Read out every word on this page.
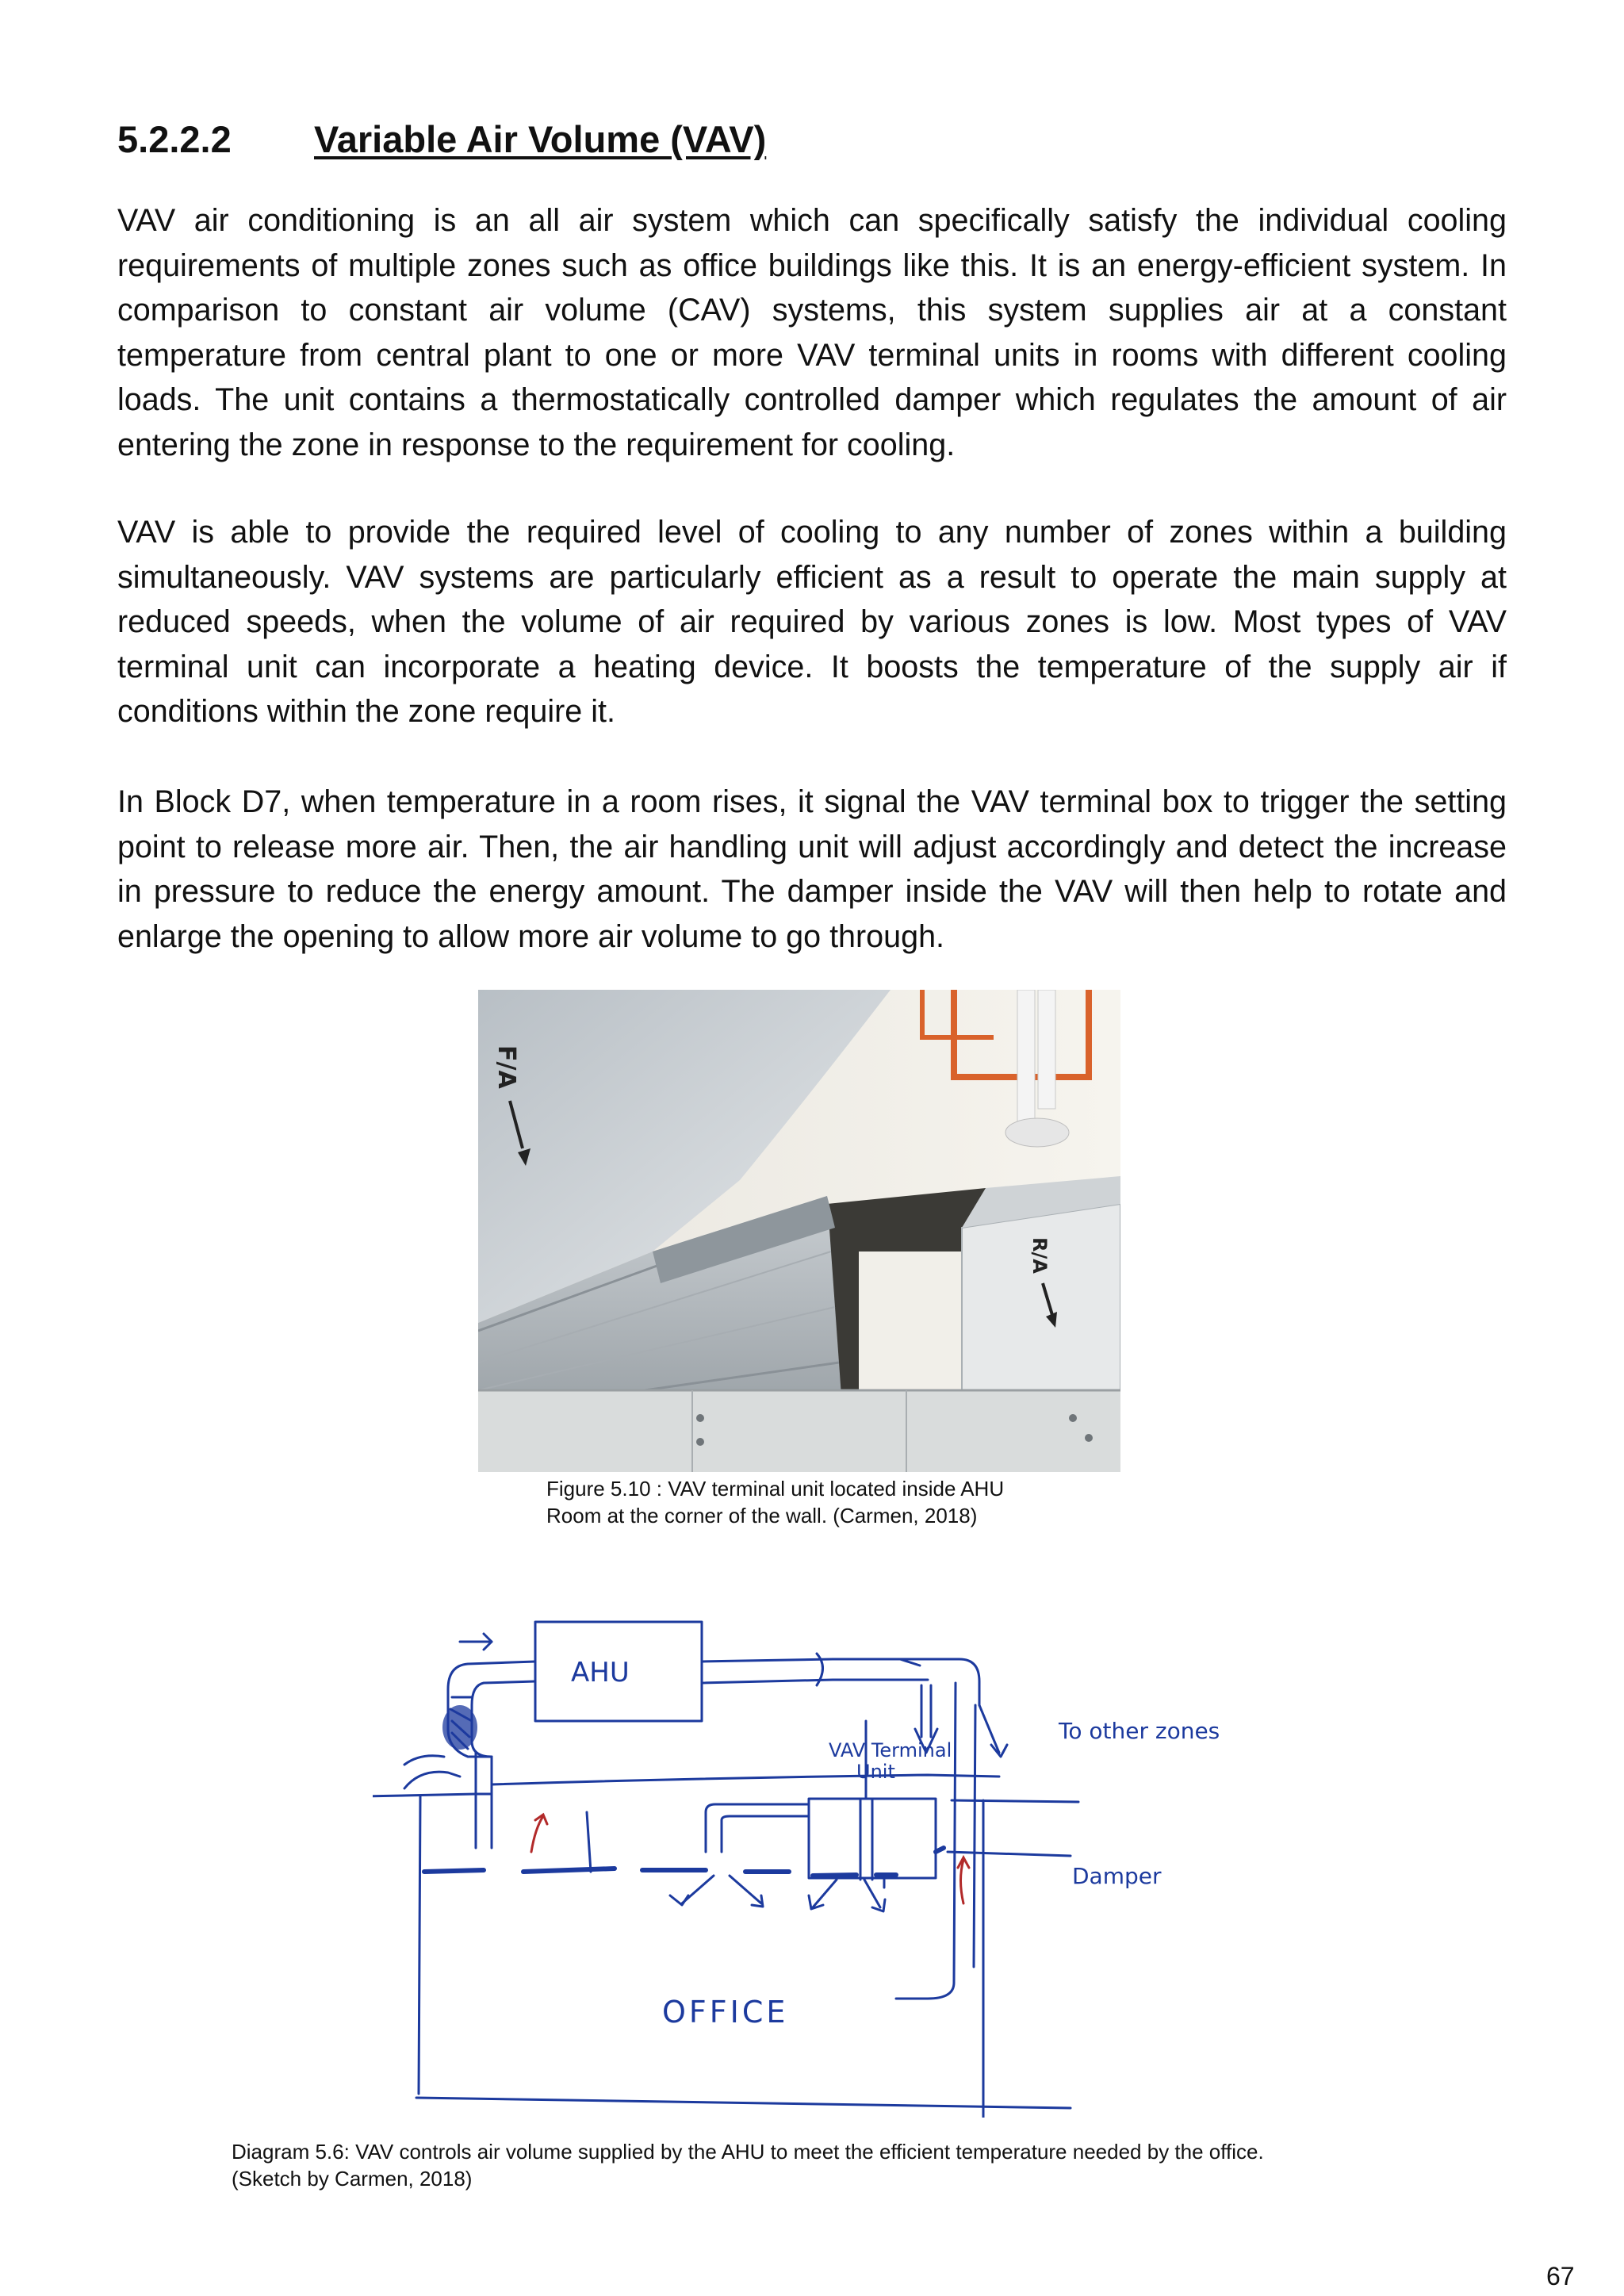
5.2.2.2 Variable Air Volume (VAV)

VAV air conditioning is an all air system which can specifically satisfy the individual cooling requirements of multiple zones such as office buildings like this. It is an energy-efficient system. In comparison to constant air volume (CAV) systems, this system supplies air at a constant temperature from central plant to one or more VAV terminal units in rooms with different cooling loads. The unit contains a thermostatically controlled damper which regulates the amount of air entering the zone in response to the requirement for cooling.

VAV is able to provide the required level of cooling to any number of zones within a building simultaneously. VAV systems are particularly efficient as a result to operate the main supply at reduced speeds, when the volume of air required by various zones is low. Most types of VAV terminal unit can incorporate a heating device. It boosts the temperature of the supply air if conditions within the zone require it.

In Block D7, when temperature in a room rises, it signal the VAV terminal box to trigger the setting point to release more air. Then, the air handling unit will adjust accordingly and detect the increase in pressure to reduce the energy amount. The damper inside the VAV will then help to rotate and enlarge the opening to allow more air volume to go through.

F/A
R/A
Figure 5.10 : VAV terminal unit located inside AHU
Room at the corner of the wall. (Carmen, 2018)
AHU
To other zones
VAV Terminal
Unit
Damper
OFFICE
Diagram 5.6: VAV controls air volume supplied by the AHU to meet the efficient temperature needed by the office.
(Sketch by Carmen, 2018)
67
